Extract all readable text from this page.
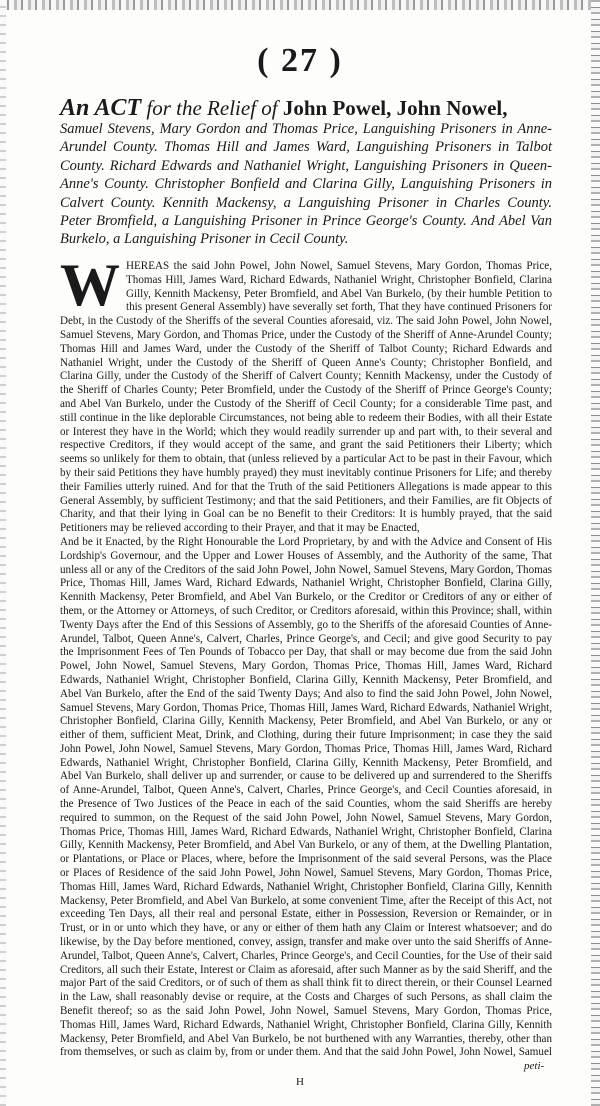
( 27 )
An ACT for the Relief of John Powel, John Nowel,
Samuel Stevens, Mary Gordon and Thomas Price, Languishing Prisoners in Anne-Arundel County. Thomas Hill and James Ward, Languishing Prisoners in Talbot County. Richard Edwards and Nathaniel Wright, Languishing Prisoners in Queen-Anne's County. Christopher Bonfield and Clarina Gilly, Languishing Prisoners in Calvert County. Kennith Mackensy, a Languishing Prisoner in Charles County. Peter Bromfield, a Languishing Prisoner in Prince George's County. And Abel Van Burkelo, a Languishing Prisoner in Cecil County.

WHEREAS the said John Powel, John Nowel, Samuel Stevens, Mary Gordon, Thomas Price, Thomas Hill, James Ward, Richard Edwards, Nathaniel Wright, Christopher Bonfield, Clarina Gilly, Kennith Mackensy, Peter Bromfield, and Abel Van Burkelo, (by their humble Petition to this present General Assembly) have severally set forth, That they have continued Prisoners for Debt, in the Custody of the Sheriffs of the several Counties aforesaid, viz. The said John Powel, John Nowel, Samuel Stevens, Mary Gordon, and Thomas Price, under the Custody of the Sheriff of Anne-Arundel County; Thomas Hill and James Ward, under the Custody of the Sheriff of Talbot County; Richard Edwards and Nathaniel Wright, under the Custody of the Sheriff of Queen Anne's County; Christopher Bonfield, and Clarina Gilly, under the Custody of the Sheriff of Calvert County; Kennith Mackensy, under the Custody of the Sheriff of Charles County; Peter Bromfield, under the Custody of the Sheriff of Prince George's County; and Abel Van Burkelo, under the Custody of the Sheriff of Cecil County; for a considerable Time past, and still continue in the like deplorable Circumstances, not being able to redeem their Bodies, with all their Estate or Interest they have in the World; which they would readily surrender up and part with, to their several and respective Creditors, if they would accept of the same, and grant the said Petitioners their Liberty; which seems so unlikely for them to obtain, that (unless relieved by a particular Act to be past in their Favour, which by their said Petitions they have humbly prayed) they must inevitably continue Prisoners for Life; and thereby their Families utterly ruined. And for that the Truth of the said Petitioners Allegations is made appear to this General Assembly, by sufficient Testimony; and that the said Petitioners, and their Families, are fit Objects of Charity, and that their lying in Goal can be no Benefit to their Creditors: It is humbly prayed, that the said Petitioners may be relieved according to their Prayer, and that it may be Enacted,

And be it Enacted, by the Right Honourable the Lord Proprietary, by and with the Advice and Consent of His Lordship's Governour, and the Upper and Lower Houses of Assembly, and the Authority of the same, That unless all or any of the Creditors of the said John Powel, John Nowel, Samuel Stevens, Mary Gordon, Thomas Price, Thomas Hill, James Ward, Richard Edwards, Nathaniel Wright, Christopher Bonfield, Clarina Gilly, Kennith Mackensy, Peter Bromfield, and Abel Van Burkelo, or the Creditor or Creditors of any or either of them, or the Attorney or Attorneys, of such Creditor, or Creditors aforesaid, within this Province; shall, within Twenty Days after the End of this Sessions of Assembly, go to the Sheriffs of the aforesaid Counties of Anne-Arundel, Talbot, Queen Anne's, Calvert, Charles, Prince George's, and Cecil; and give good Security to pay the Imprisonment Fees of Ten Pounds of Tobacco per Day, that shall or may become due from the said John Powel, John Nowel, Samuel Stevens, Mary Gordon, Thomas Price, Thomas Hill, James Ward, Richard Edwards, Nathaniel Wright, Christopher Bonfield, Clarina Gilly, Kennith Mackensy, Peter Bromfield, and Abel Van Burkelo, after the End of the said Twenty Days; And also to find the said John Powel, John Nowel, Samuel Stevens, Mary Gordon, Thomas Price, Thomas Hill, James Ward, Richard Edwards, Nathaniel Wright, Christopher Bonfield, Clarina Gilly, Kennith Mackensy, Peter Bromfield, and Abel Van Burkelo, or any or either of them, sufficient Meat, Drink, and Clothing, during their future Imprisonment; in case they the said John Powel, John Nowel, Samuel Stevens, Mary Gordon, Thomas Price, Thomas Hill, James Ward, Richard Edwards, Nathaniel Wright, Christopher Bonfield, Clarina Gilly, Kennith Mackensy, Peter Bromfield, and Abel Van Burkelo, shall deliver up and surrender, or cause to be delivered up and surrendered to the Sheriffs of Anne-Arundel, Talbot, Queen Anne's, Calvert, Charles, Prince George's, and Cecil Counties aforesaid, in the Presence of Two Justices of the Peace in each of the said Counties, whom the said Sheriffs are hereby required to summon, on the Request of the said John Powel, John Nowel, Samuel Stevens, Mary Gordon, Thomas Price, Thomas Hill, James Ward, Richard Edwards, Nathaniel Wright, Christopher Bonfield, Clarina Gilly, Kennith Mackensy, Peter Bromfield, and Abel Van Burkelo, or any of them, at the Dwelling Plantation, or Plantations, or Place or Places, where, before the Imprisonment of the said several Persons, was the Place or Places of Residence of the said John Powel, John Nowel, Samuel Stevens, Mary Gordon, Thomas Price, Thomas Hill, James Ward, Richard Edwards, Nathaniel Wright, Christopher Bonfield, Clarina Gilly, Kennith Mackensy, Peter Bromfield, and Abel Van Burkelo, at some convenient Time, after the Receipt of this Act, not exceeding Ten Days, all their real and personal Estate, either in Possession, Reversion or Remainder, or in Trust, or in or unto which they have, or any or either of them hath any Claim or Interest whatsoever; and do likewise, by the Day before mentioned, convey, assign, transfer and make over unto the said Sheriffs of Anne-Arundel, Talbot, Queen Anne's, Calvert, Charles, Prince George's, and Cecil Counties, for the Use of their said Creditors, all such their Estate, Interest or Claim as aforesaid, after such Manner as by the said Sheriff, and the major Part of the said Creditors, or of such of them as shall think fit to direct therein, or their Counsel Learned in the Law, shall reasonably devise or require, at the Costs and Charges of such Persons, as shall claim the Benefit thereof; so as the said John Powel, John Nowel, Samuel Stevens, Mary Gordon, Thomas Price, Thomas Hill, James Ward, Richard Edwards, Nathaniel Wright, Christopher Bonfield, Clarina Gilly, Kennith Mackensy, Peter Bromfield, and Abel Van Burkelo, be not burthened with any Warranties, thereby, other than from themselves, or such as claim by, from or under them. And that the said John Powel, John Nowel, Samuel

H
peti-
